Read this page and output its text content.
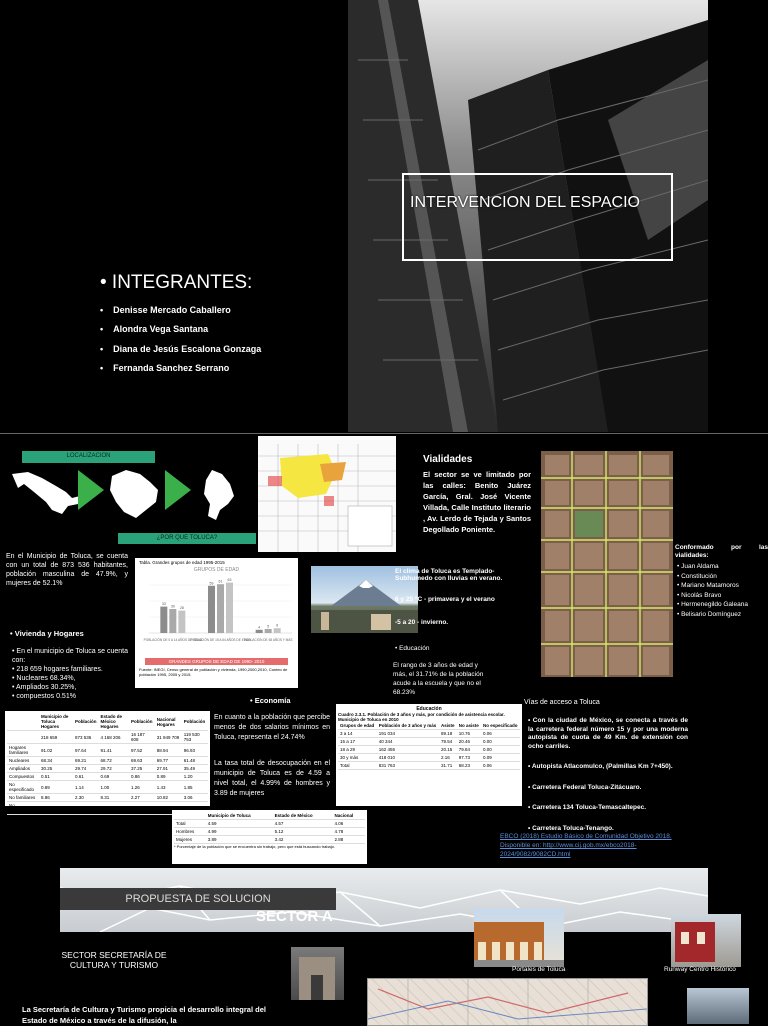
INTERVENCION DEL ESPACIO
• INTEGRANTES:
• Denisse Mercado Caballero
• Alondra Vega Santana
• Diana de Jesús Escalona Gonzaga
• Fernanda Sanchez Serrano
LOCALIZACION
¿POR QUE TOLUCA?
En el Municipio de Toluca, se cuenta con un total de 873 536 habitantes, población masculina de 47.9%, y mujeres de 52.1%
• Vivienda y Hogares
• En el municipio de Toluca se cuenta con:
• 218 659 hogares familiares.
• Nucleares 68.34%,
• Ampliados 30.25%,
• compuestos 0.51%
Tabla. Grandes grupos de edad 1995-2015
GRUPOS DE EDAD
33
30 28
POBLACIÓN DE 0 A 14 AÑOS DE EDAD
59 61 63
POBLACIÓN DE 15 A 64 AÑOS DE EDAD
4 5 6
POBLACIÓN DE 65 AÑOS Y MÁS
GRANDES GRUPOS DE EDAD DE 1990- 2010
Fuente: INEGI, Censo general de población y vivienda, 1990,2000,2010, Conteo de población 1995, 2005 y 2015.
El clima de Toluca es Templado-Subhumedo con lluvias en verano.
6 y 25 °C - primavera y el verano
-5 a 20 - invierno.
• Educación
El rango de 3 años de edad y más, el 31.71% de la población acude a la escuela y que no el 68.23%
Vialidades
El sector se ve limitado por las calles: Benito Juárez García, Gral. José Vicente Villada, Calle Instituto literario , Av. Lerdo de Tejada y Santos Degollado Poniente.
Conformado por las vialidades:
• Juan Aldama
• Constitución
• Mariano Matamoros
• Nicolás Bravo
• Hermenegildo Galeana
• Belisario Domínguez
• Economía
En cuanto a la población que percibe menos de dos salarios mínimos en Toluca, representa el 24.74%
La tasa total de desocupación en el municipio de Toluca es de 4.59 a nivel total, el 4.99% de hombres y 3.89 de mujeres
	Municipio de Toluca Hogares	Población	Estado de México Hogares	Población	Nacional Hogares	Población
	218 659	873 536	4 168 206	16 187 608	31 949 709	119 530 753
Hogares familiares	91.02	97.64	91.41	97.52	88.94	96.93
Nucleares	68.34	69.21	68.72	69.63	69.77	61.48
Ampliados	30.25	29.74	29.72	37.25	27.91	35.49
Compuestos	0.51	0.61	0.69	0.86	0.89	1.20
No especificado	0.89	1.14	1.00	1.26	1.43	1.85
No familiares	8.86	2.30	8.31	2.27	10.82	3.06
No especificado	0.12	0.06	0.28	0.19	0.33	0.27
	Municipio de Toluca	Estado de México	Nacional
Total	4.59	4.57	4.06
Hombres	4.99	5.12	4.78
Mujeres	3.89	3.42	2.88
* Porcentaje de la población que se encuentra sin trabajo, pero que está buscando trabajo.
Educación
Cuadro 2.3.1. Población de 3 años y más, por condición de asistencia escolar. Municipio de Toluca en 2010
Grupos de edad	Población de 3 años y más	Asiste	No asiste	No especificado
3 a 14	191 034	89.18	10.76	0.06
15 a 17	40 344	79.54	20.46	0.00
18 a 29	162 455	20.15	79.84	0.00
30 y más	418 010	2.16	97.73	0.09
Total	831 763	31.71	68.23	0.06
Vías de acceso a Toluca
• Con la ciudad de México, se conecta a través de la carretera federal número 15 y por una moderna autopista de cuota de 49 Km. de extensión con ocho carriles.
• Autopista Atlacomulco, (Palmillas Km 7+450).
• Carretera Federal Toluca-Zitácuaro.
• Carretera 134 Toluca-Temascaltepec.
• Carretera Toluca-Tenango.
EBCO (2018) Estudio Básico de Comunidad Objetivo 2018. Disponible en: http://www.cij.gob.mx/ebco2018-2024/9082/9082CD.html
PROPUESTA DE SOLUCION
SECTOR A
SECTOR SECRETARÍA DE CULTURA Y TURISMO
La Secretaría de Cultura y Turismo propicia el desarrollo integral del Estado de México a través de la difusión, la
Portales de Toluca	Runway Centro Histórico
